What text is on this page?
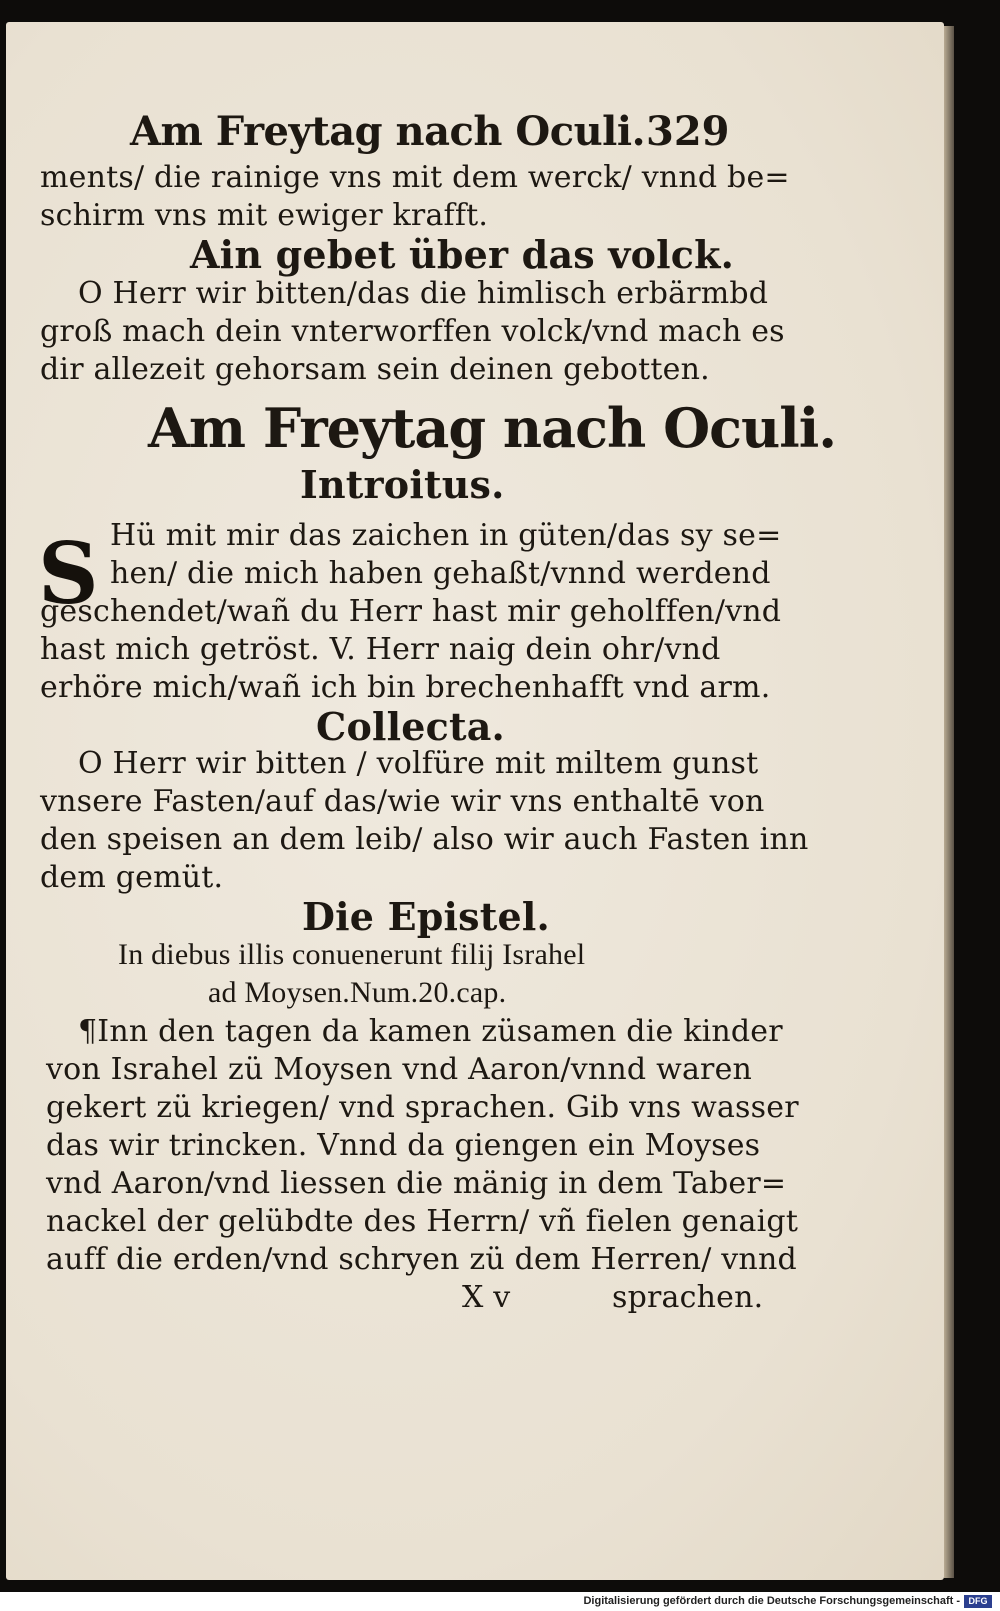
Am Freytag nach Oculi. 329
ments/ die rainige vns mit dem werck/ vnnd be=
schirm vns mit ewiger krafft.
Ain gebet über das volck.
O Herr wir bitten/das die himlisch erbärmbd
groß mach dein vnterworffen volck/vnd mach es
dir allezeit gehorsam sein deinen gebotten.
Am Freytag nach Oculi.
Introitus.
S Hü mit mir das zaichen in güten/das sy se=
hen/ die mich haben gehaßt/vnnd werdend
geschendet/wañ du Herr hast mir geholffen/vnd
hast mich getröst. V. Herr naig dein ohr/vnd
erhöre mich/wañ ich bin brechenhafft vnd arm.
Collecta.
O Herr wir bitten / volfüre mit miltem gunst
vnsere Fasten/auf das/wie wir vns enthaltē von
den speisen an dem leib/ also wir auch Fasten inn
dem gemüt.
Die Epistel.
In diebus illis conuenerunt filij Israhel
ad Moysen.Num.20.cap.
¶Inn den tagen da kamen züsamen die kinder
von Israhel zü Moysen vnd Aaron/vnnd waren
gekert zü kriegen/ vnd sprachen. Gib vns wasser
das wir trincken. Vnnd da giengen ein Moyses
vnd Aaron/vnd liessen die mänig in dem Taber=
nackel der gelübdte des Herrn/ vñ fielen genaigt
auff die erden/vnd schryen zü dem Herren/ vnnd
X v	sprachen.
Digitalisierung gefördert durch die Deutsche Forschungsgemeinschaft - DFG
